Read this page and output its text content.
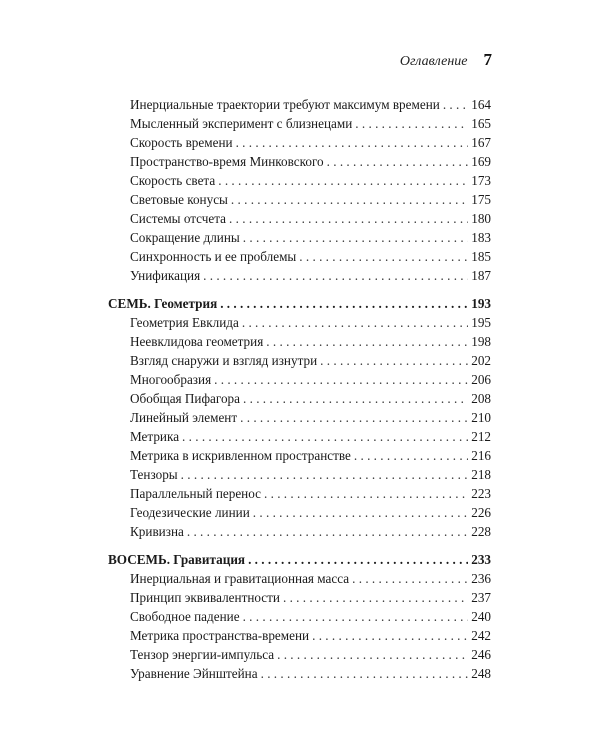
Оглавление 7
Инерциальные траектории требуют максимум времени . . . 164
Мысленный эксперимент с близнецами . . .	165
Скорость времени . . .	167
Пространство-время Минковского . . .	169
Скорость света . . .	173
Световые конусы . . .	175
Системы отсчета . . .	180
Сокращение длины . . .	183
Синхронность и ее проблемы . . .	185
Унификация . . .	187
СЕМЬ. Геометрия . . .	193
Геометрия Евклида . . .	195
Неевклидова геометрия . . .	198
Взгляд снаружи и взгляд изнутри . . .	202
Многообразия . . .	206
Обобщая Пифагора . . .	208
Линейный элемент . . .	210
Метрика . . .	212
Метрика в искривленном пространстве . . .	216
Тензоры . . .	218
Параллельный перенос . . .	223
Геодезические линии . . .	226
Кривизна . . .	228
ВОСЕМЬ. Гравитация . . .	233
Инерциальная и гравитационная масса . . .	236
Принцип эквивалентности . . .	237
Свободное падение . . .	240
Метрика пространства-времени . . .	242
Тензор энергии-импульса . . .	246
Уравнение Эйнштейна . . .	248
